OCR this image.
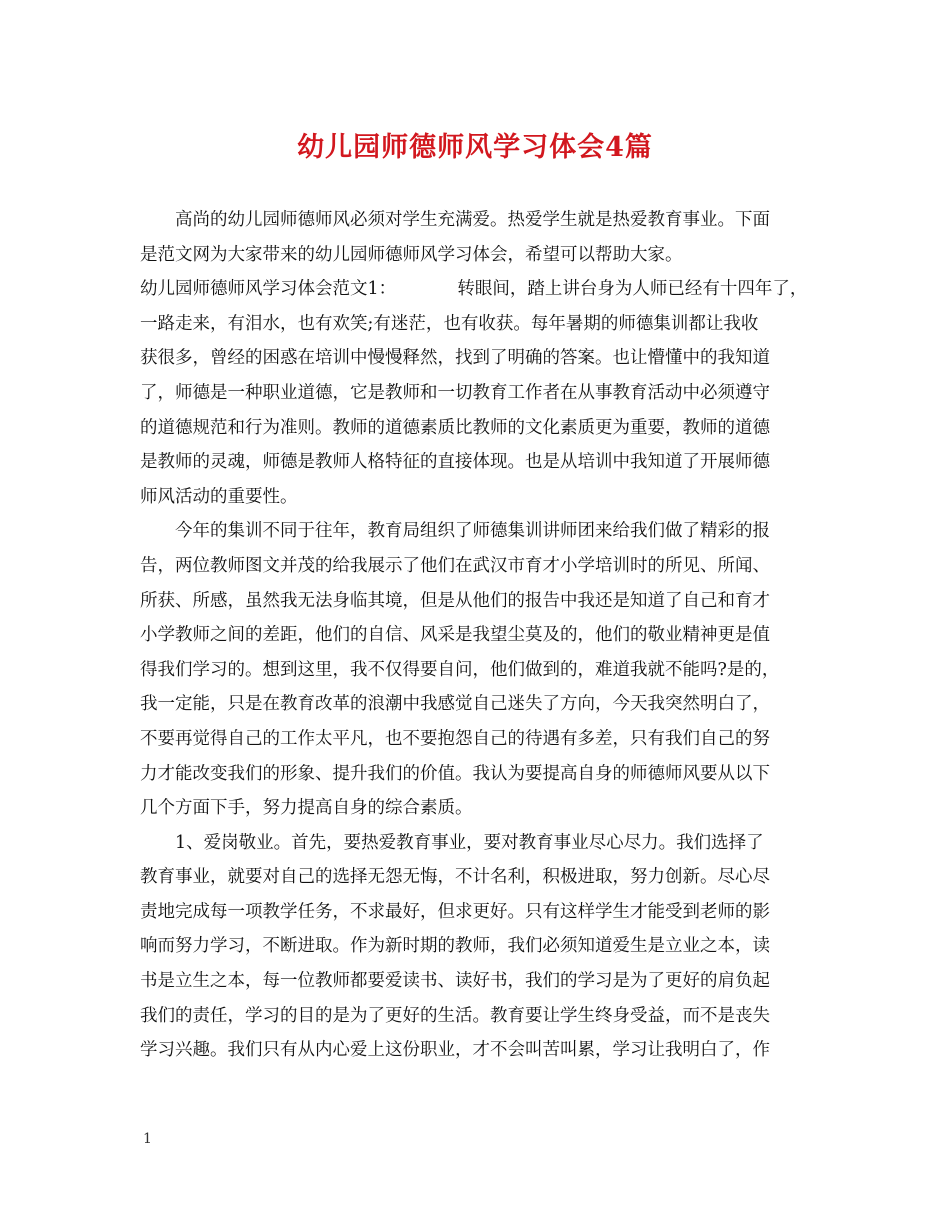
幼儿园师德师风学习体会4篇
　　高尚的幼儿园师德师风必须对学生充满爱。热爱学生就是热爱教育事业。下面
是范文网为大家带来的幼儿园师德师风学习体会，希望可以帮助大家。
幼儿园师德师风学习体会范文1：　　　　转眼间，踏上讲台身为人师已经有十四年了，
一路走来，有泪水，也有欢笑;有迷茫，也有收获。每年暑期的师德集训都让我收
获很多，曾经的困惑在培训中慢慢释然，找到了明确的答案。也让懵懂中的我知道
了，师德是一种职业道德，它是教师和一切教育工作者在从事教育活动中必须遵守
的道德规范和行为准则。教师的道德素质比教师的文化素质更为重要，教师的道德
是教师的灵魂，师德是教师人格特征的直接体现。也是从培训中我知道了开展师德
师风活动的重要性。
　　今年的集训不同于往年，教育局组织了师德集训讲师团来给我们做了精彩的报
告，两位教师图文并茂的给我展示了他们在武汉市育才小学培训时的所见、所闻、
所获、所感，虽然我无法身临其境，但是从他们的报告中我还是知道了自己和育才
小学教师之间的差距，他们的自信、风采是我望尘莫及的，他们的敬业精神更是值
得我们学习的。想到这里，我不仅得要自问，他们做到的，难道我就不能吗?是的，
我一定能，只是在教育改革的浪潮中我感觉自己迷失了方向，今天我突然明白了，
不要再觉得自己的工作太平凡，也不要抱怨自己的待遇有多差，只有我们自己的努
力才能改变我们的形象、提升我们的价值。我认为要提高自身的师德师风要从以下
几个方面下手，努力提高自身的综合素质。
　　1、爱岗敬业。首先，要热爱教育事业，要对教育事业尽心尽力。我们选择了
教育事业，就要对自己的选择无怨无悔，不计名利，积极进取，努力创新。尽心尽
责地完成每一项教学任务，不求最好，但求更好。只有这样学生才能受到老师的影
响而努力学习，不断进取。作为新时期的教师，我们必须知道爱生是立业之本，读
书是立生之本，每一位教师都要爱读书、读好书，我们的学习是为了更好的肩负起
我们的责任，学习的目的是为了更好的生活。教育要让学生终身受益，而不是丧失
学习兴趣。我们只有从内心爱上这份职业，才不会叫苦叫累，学习让我明白了，作
1
